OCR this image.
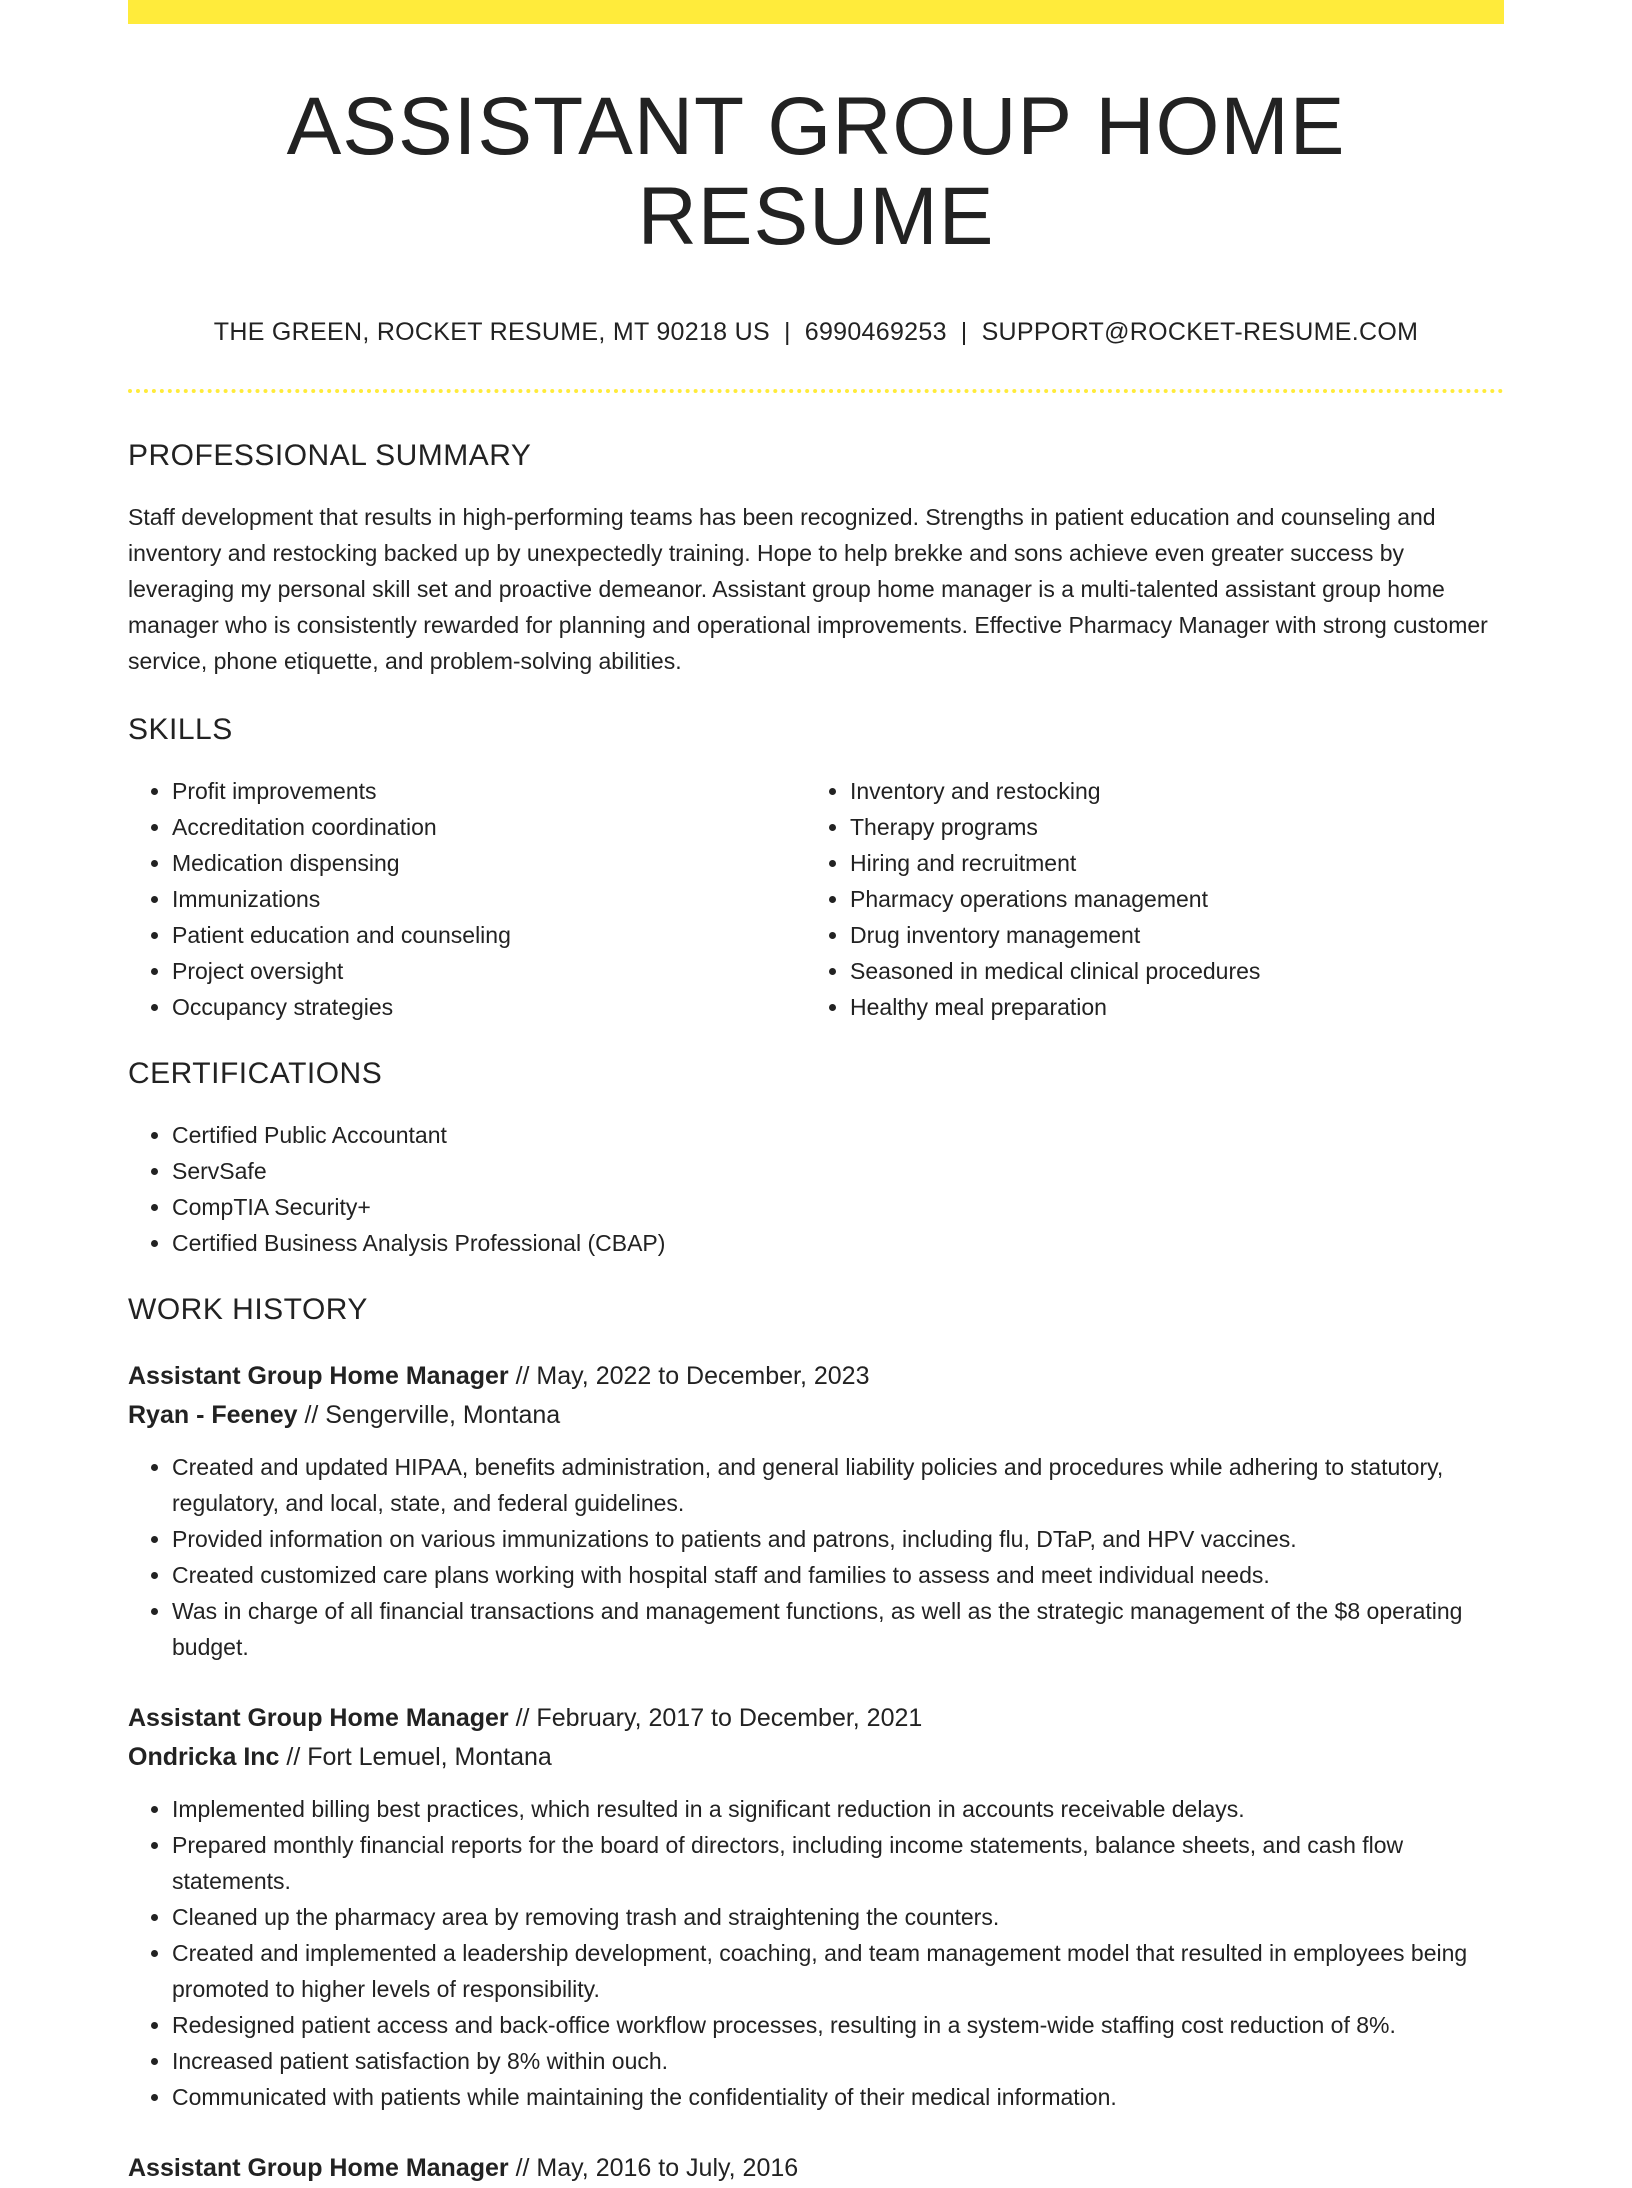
ASSISTANT GROUP HOME RESUME
THE GREEN, ROCKET RESUME, MT 90218 US | 6990469253 | SUPPORT@ROCKET-RESUME.COM
PROFESSIONAL SUMMARY

Staff development that results in high-performing teams has been recognized. Strengths in patient education and counseling and inventory and restocking backed up by unexpectedly training. Hope to help brekke and sons achieve even greater success by leveraging my personal skill set and proactive demeanor. Assistant group home manager is a multi-talented assistant group home manager who is consistently rewarded for planning and operational improvements. Effective Pharmacy Manager with strong customer service, phone etiquette, and problem-solving abilities.

SKILLS
• Profit improvements
• Accreditation coordination
• Medication dispensing
• Immunizations
• Patient education and counseling
• Project oversight
• Occupancy strategies
• Inventory and restocking
• Therapy programs
• Hiring and recruitment
• Pharmacy operations management
• Drug inventory management
• Seasoned in medical clinical procedures
• Healthy meal preparation
CERTIFICATIONS
• Certified Public Accountant
• ServSafe
• CompTIA Security+
• Certified Business Analysis Professional (CBAP)
WORK HISTORY
Assistant Group Home Manager // May, 2022 to December, 2023
Ryan - Feeney // Sengerville, Montana
• Created and updated HIPAA, benefits administration, and general liability policies and procedures while adhering to statutory, regulatory, and local, state, and federal guidelines.
• Provided information on various immunizations to patients and patrons, including flu, DTaP, and HPV vaccines.
• Created customized care plans working with hospital staff and families to assess and meet individual needs.
• Was in charge of all financial transactions and management functions, as well as the strategic management of the $8 operating budget.
Assistant Group Home Manager // February, 2017 to December, 2021
Ondricka Inc // Fort Lemuel, Montana
• Implemented billing best practices, which resulted in a significant reduction in accounts receivable delays.
• Prepared monthly financial reports for the board of directors, including income statements, balance sheets, and cash flow statements.
• Cleaned up the pharmacy area by removing trash and straightening the counters.
• Created and implemented a leadership development, coaching, and team management model that resulted in employees being promoted to higher levels of responsibility.
• Redesigned patient access and back-office workflow processes, resulting in a system-wide staffing cost reduction of 8%.
• Increased patient satisfaction by 8% within ouch.
• Communicated with patients while maintaining the confidentiality of their medical information.
Assistant Group Home Manager // May, 2016 to July, 2016
